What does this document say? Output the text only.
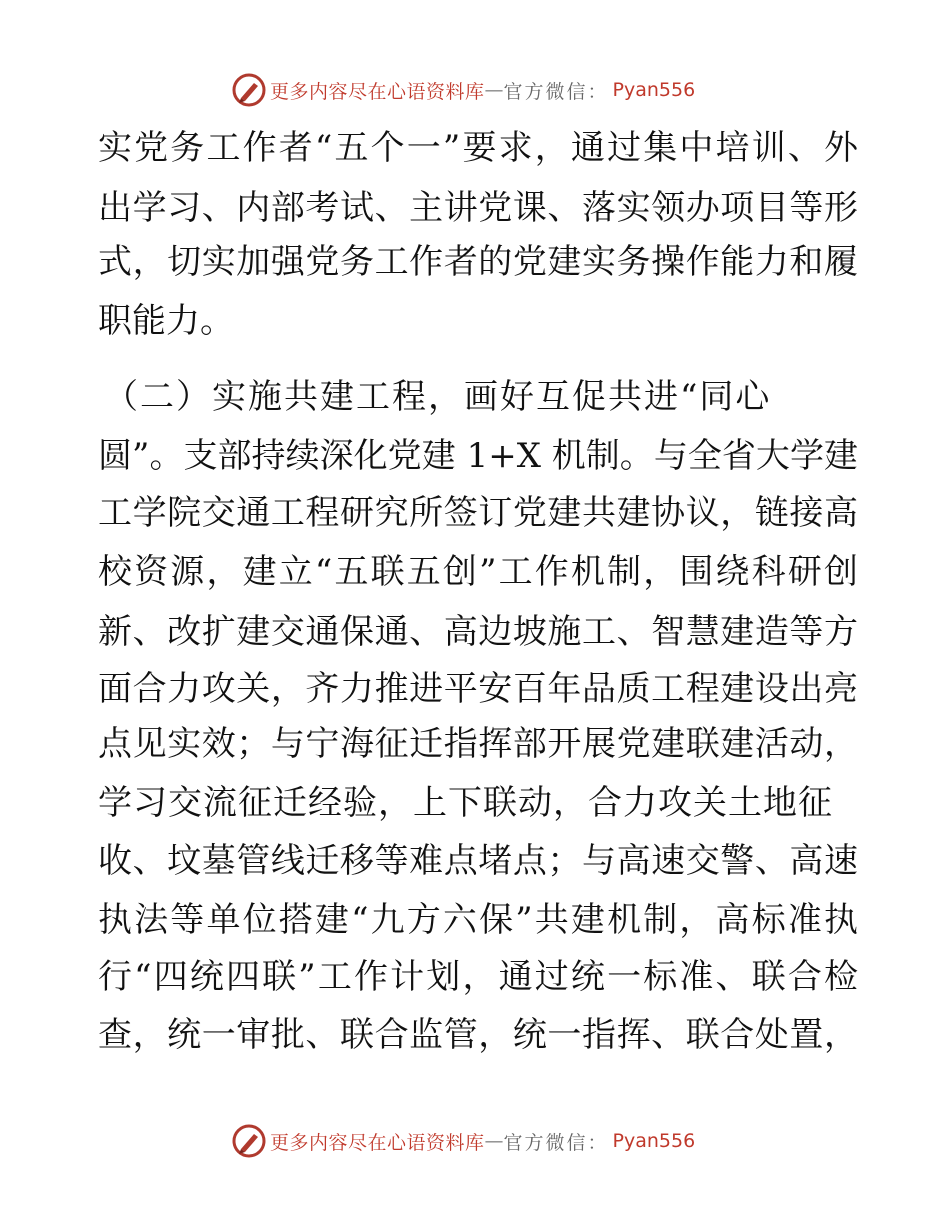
更多内容尽在心语资料库 — 官方微信： Pyan556
实党务工作者“五个一”要求，通过集中培训、外
出学习、内部考试、主讲党课、落实领办项目等形
式，切实加强党务工作者的党建实务操作能力和履
职能力。
（二）实施共建工程，画好互促共进“同心
圆”。支部持续深化党建 1+X 机制。与全省大学建
工学院交通工程研究所签订党建共建协议，链接高
校资源，建立“五联五创”工作机制，围绕科研创
新、改扩建交通保通、高边坡施工、智慧建造等方
面合力攻关，齐力推进平安百年品质工程建设出亮
点见实效；与宁海征迁指挥部开展党建联建活动，
学习交流征迁经验，上下联动，合力攻关土地征
收、坟墓管线迁移等难点堵点；与高速交警、高速
执法等单位搭建“九方六保”共建机制，高标准执
行“四统四联”工作计划，通过统一标准、联合检
查，统一审批、联合监管，统一指挥、联合处置，
更多内容尽在心语资料库 — 官方微信： Pyan556
